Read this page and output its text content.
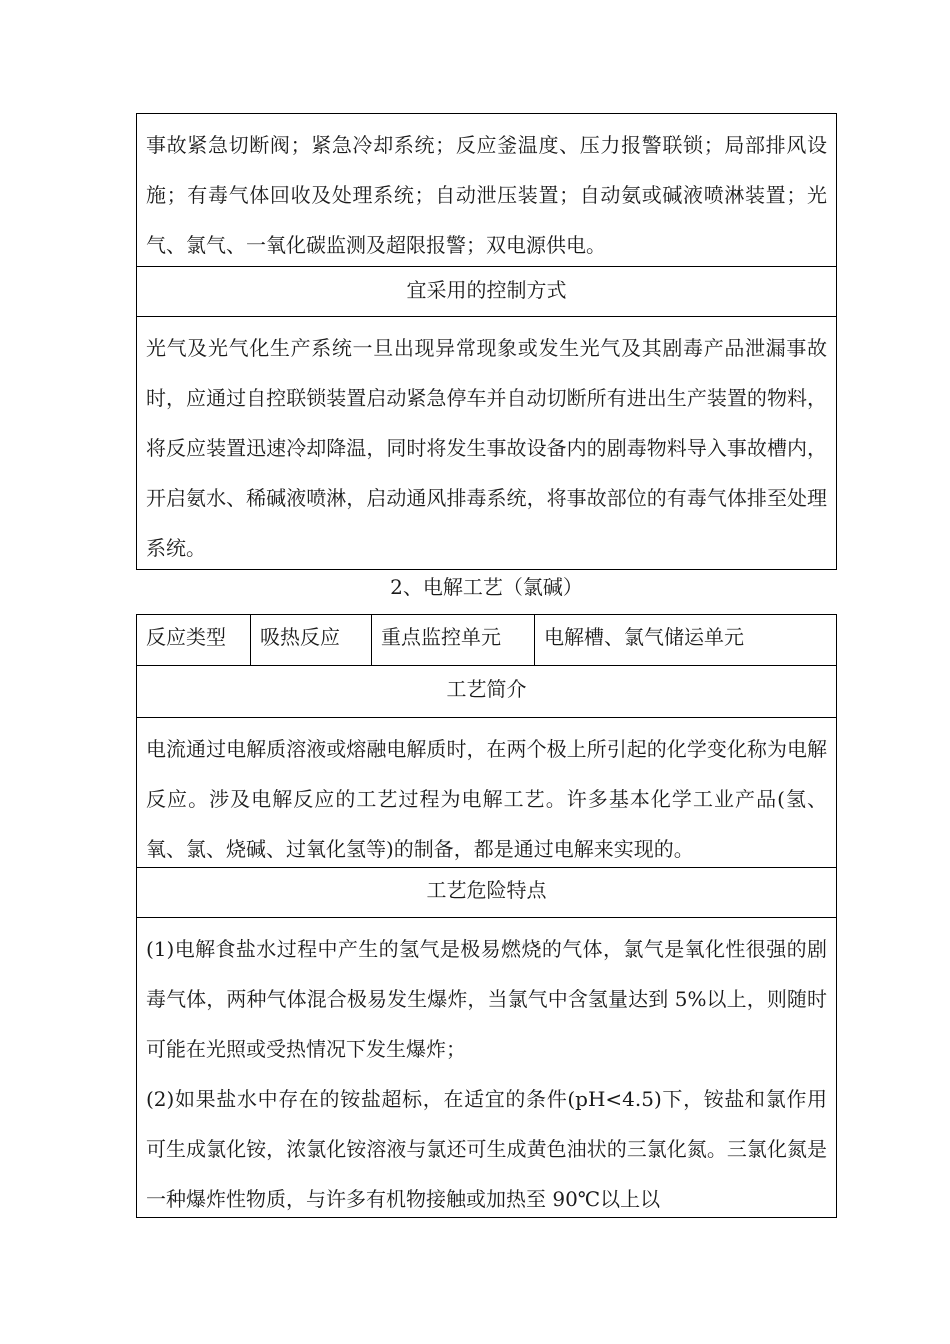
事故紧急切断阀；紧急冷却系统；反应釜温度、压力报警联锁；局部排风设施；有毒气体回收及处理系统；自动泄压装置；自动氨或碱液喷淋装置；光气、氯气、一氧化碳监测及超限报警；双电源供电。
宜采用的控制方式
光气及光气化生产系统一旦出现异常现象或发生光气及其剧毒产品泄漏事故时，应通过自控联锁装置启动紧急停车并自动切断所有进出生产装置的物料，将反应装置迅速冷却降温，同时将发生事故设备内的剧毒物料导入事故槽内，开启氨水、稀碱液喷淋，启动通风排毒系统，将事故部位的有毒气体排至处理系统。
2、电解工艺（氯碱）
反应类型	吸热反应	重点监控单元	电解槽、氯气储运单元
工艺简介
电流通过电解质溶液或熔融电解质时，在两个极上所引起的化学变化称为电解反应。涉及电解反应的工艺过程为电解工艺。许多基本化学工业产品(氢、氧、氯、烧碱、过氧化氢等)的制备，都是通过电解来实现的。
工艺危险特点
(1)电解食盐水过程中产生的氢气是极易燃烧的气体，氯气是氧化性很强的剧毒气体，两种气体混合极易发生爆炸，当氯气中含氢量达到 5%以上，则随时可能在光照或受热情况下发生爆炸；
(2)如果盐水中存在的铵盐超标，在适宜的条件(pH<4.5)下，铵盐和氯作用可生成氯化铵，浓氯化铵溶液与氯还可生成黄色油状的三氯化氮。三氯化氮是一种爆炸性物质，与许多有机物接触或加热至 90℃以上以
